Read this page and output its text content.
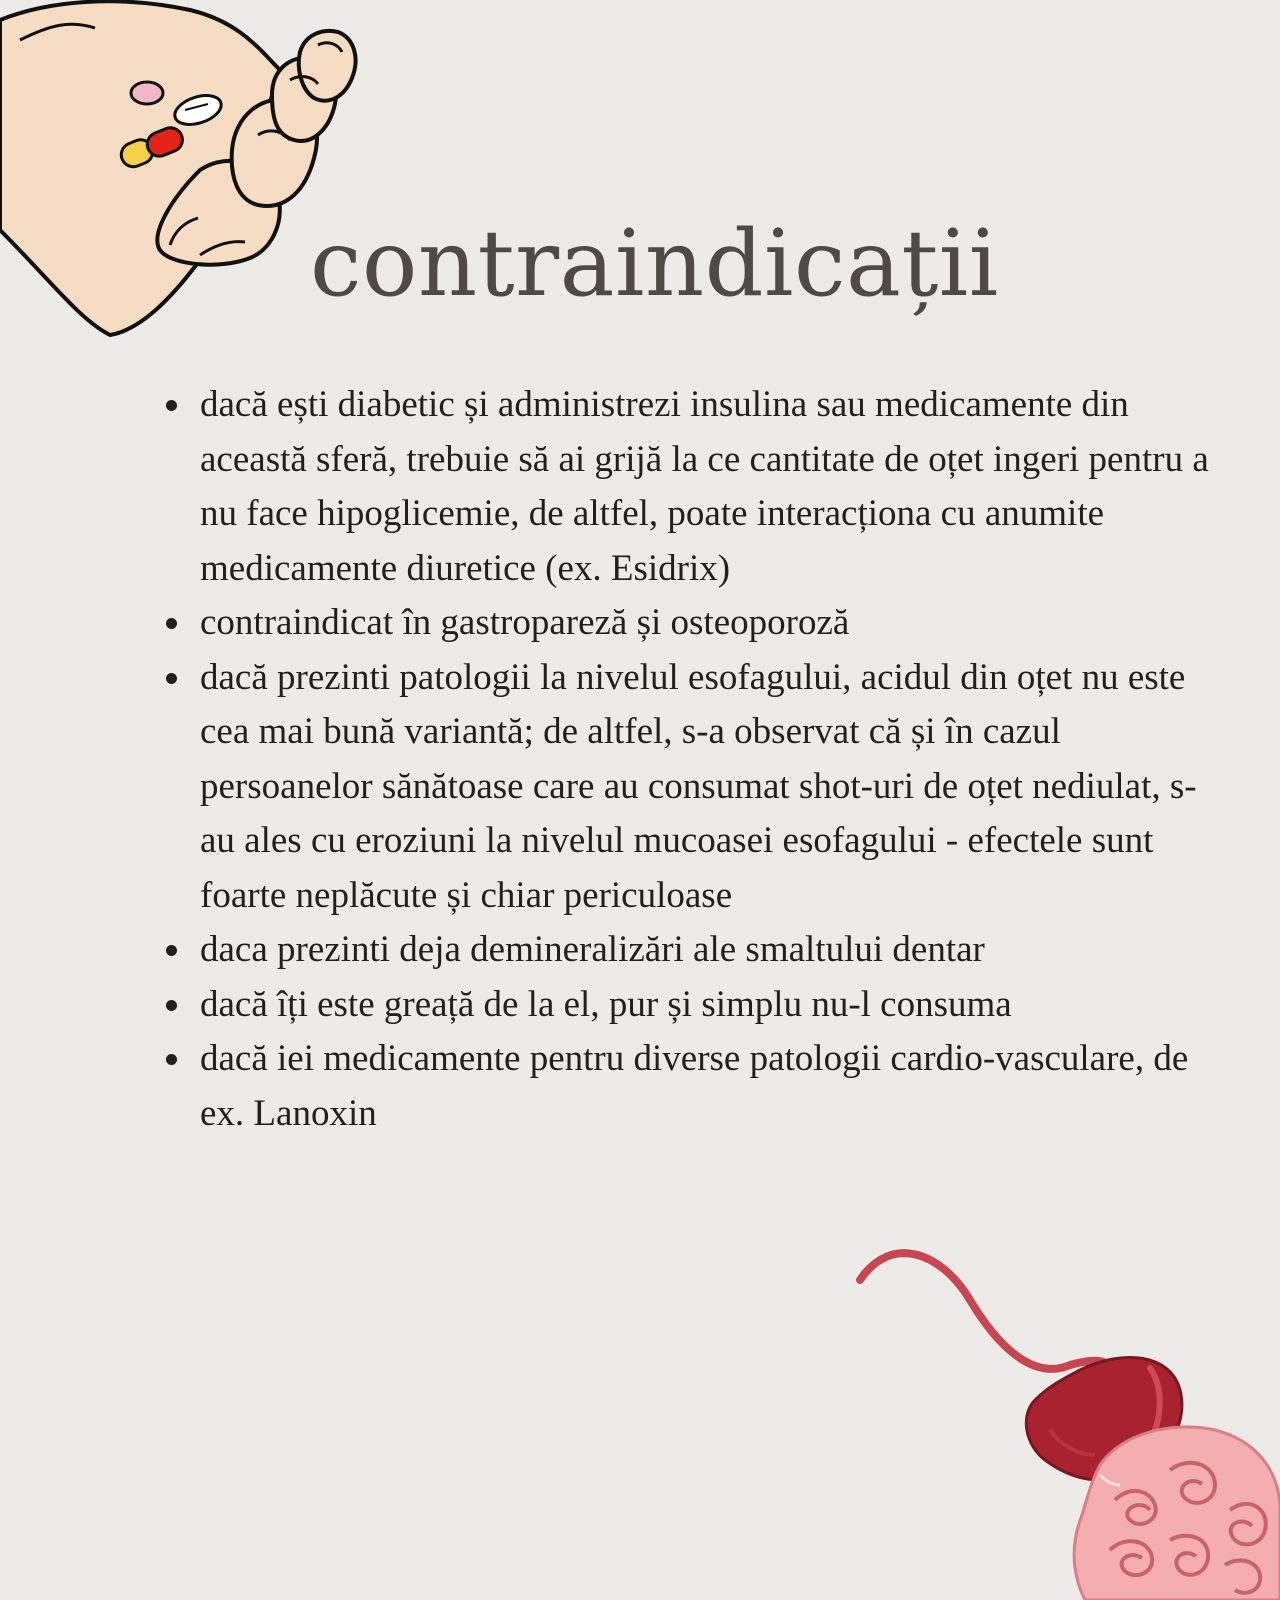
contraindicații
dacă ești diabetic și administrezi insulina sau medicamente din această sferă, trebuie să ai grijă la ce cantitate de oțet ingeri pentru a nu face hipoglicemie, de altfel, poate interacționa cu anumite medicamente diuretice (ex. Esidrix)
contraindicat în gastropareză și osteoporoză
dacă prezinti patologii la nivelul esofagului, acidul din oțet nu este cea mai bună variantă; de altfel, s-a observat că și în cazul persoanelor sănătoase care au consumat shot-uri de oțet nediulat, s-au ales cu eroziuni la nivelul mucoasei esofagului - efectele sunt foarte neplăcute și chiar periculoase
daca prezinti deja demineralizări ale smaltului dentar
dacă îți este greață de la el, pur și simplu nu-l consuma
dacă iei medicamente pentru diverse patologii cardio-vasculare, de ex. Lanoxin
